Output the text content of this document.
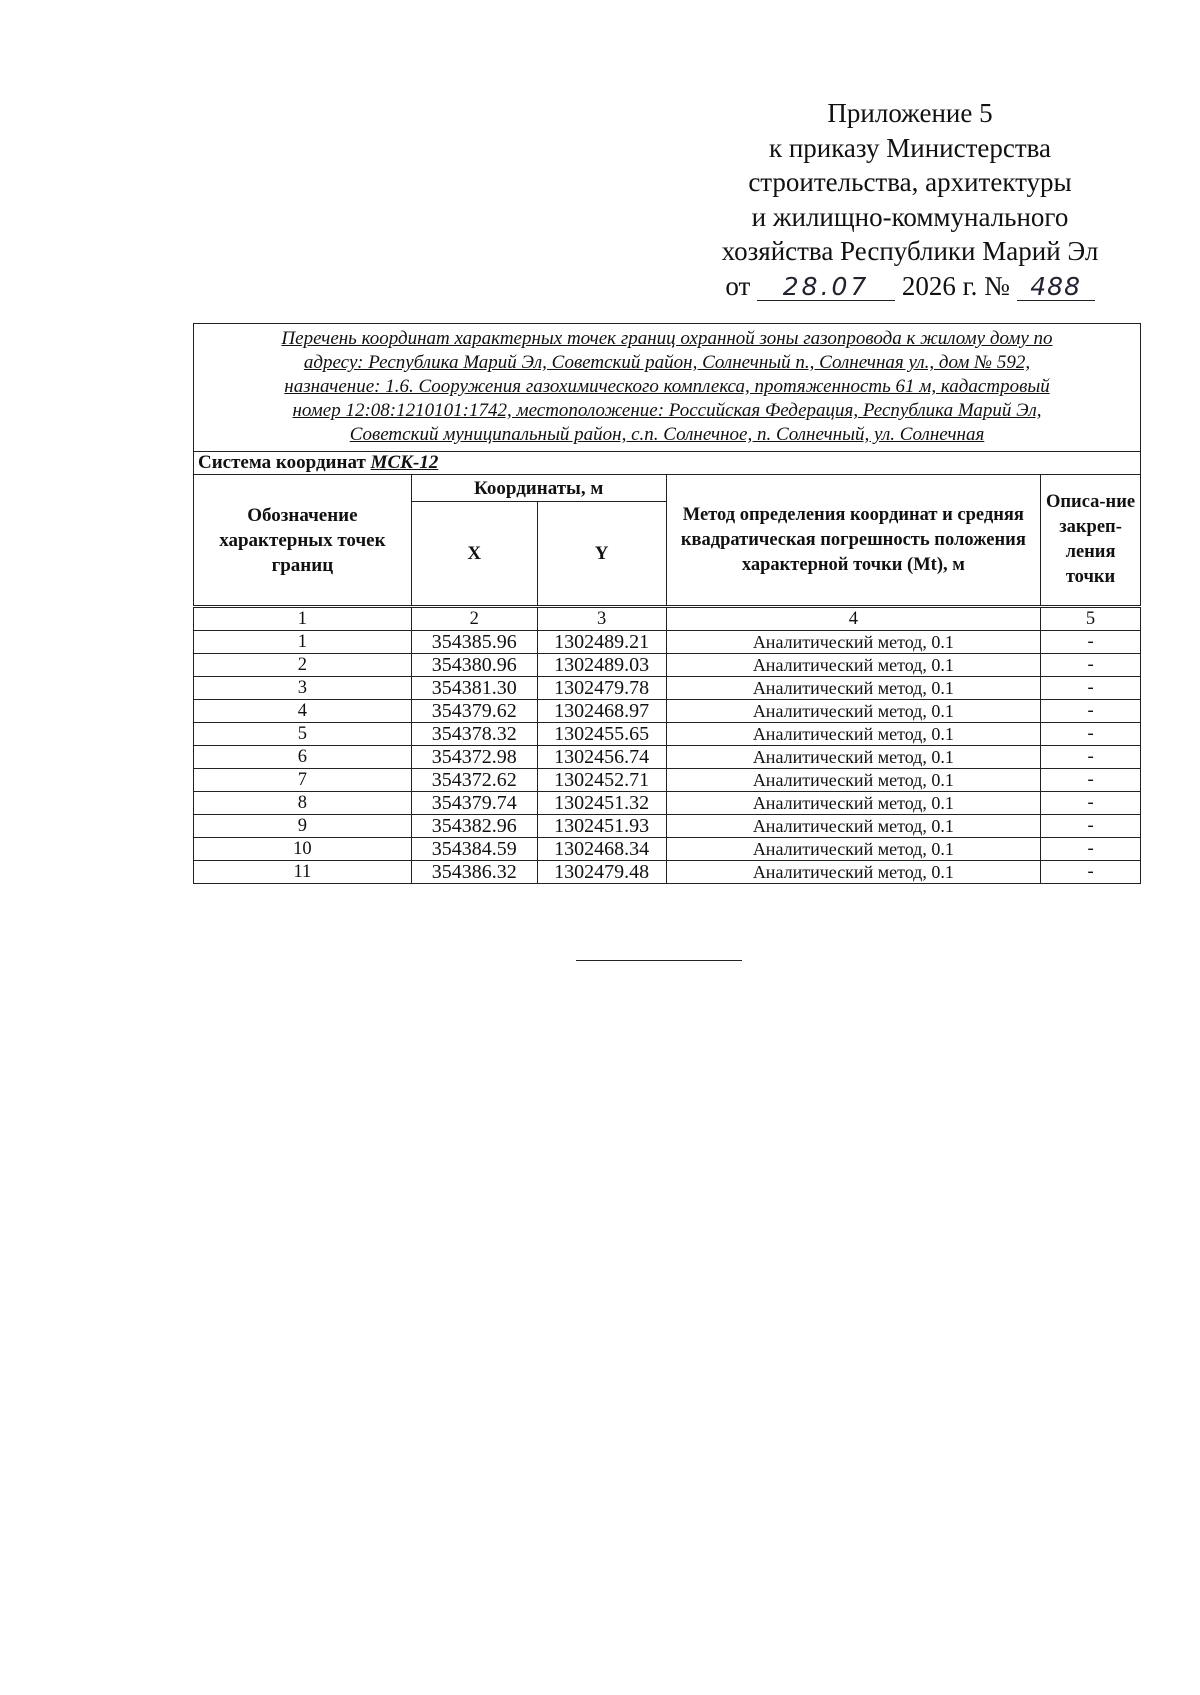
Приложение 5
к приказу Министерства
строительства, архитектуры
и жилищно-коммунального
хозяйства Республики Марий Эл
от 28.07 2026 г. № 488
Перечень координат характерных точек границ охранной зоны газопровода к жилому дому по
адресу: Республика Марий Эл, Советский район, Солнечный п., Солнечная ул., дом № 592,
назначение: 1.6. Сооружения газохимического комплекса, протяженность 61 м, кадастровый
номер 12:08:1210101:1742, местоположение: Российская Федерация, Республика Марий Эл,
Советский муниципальный район, с.п. Солнечное, п. Солнечный, ул. Солнечная				

Система координат МСК-12				
Обозначение характерных точек границ	Координаты, м		Метод определения координат и средняя квадратическая погрешность положения характерной точки (Mt), м	Описа-ние закреп-ления точки
	X	Y		
1	2	3	4	5
1	354385.96	1302489.21	Аналитический метод, 0.1	-
2	354380.96	1302489.03	Аналитический метод, 0.1	-
3	354381.30	1302479.78	Аналитический метод, 0.1	-
4	354379.62	1302468.97	Аналитический метод, 0.1	-
5	354378.32	1302455.65	Аналитический метод, 0.1	-
6	354372.98	1302456.74	Аналитический метод, 0.1	-
7	354372.62	1302452.71	Аналитический метод, 0.1	-
8	354379.74	1302451.32	Аналитический метод, 0.1	-
9	354382.96	1302451.93	Аналитический метод, 0.1	-
10	354384.59	1302468.34	Аналитический метод, 0.1	-
11	354386.32	1302479.48	Аналитический метод, 0.1	-
